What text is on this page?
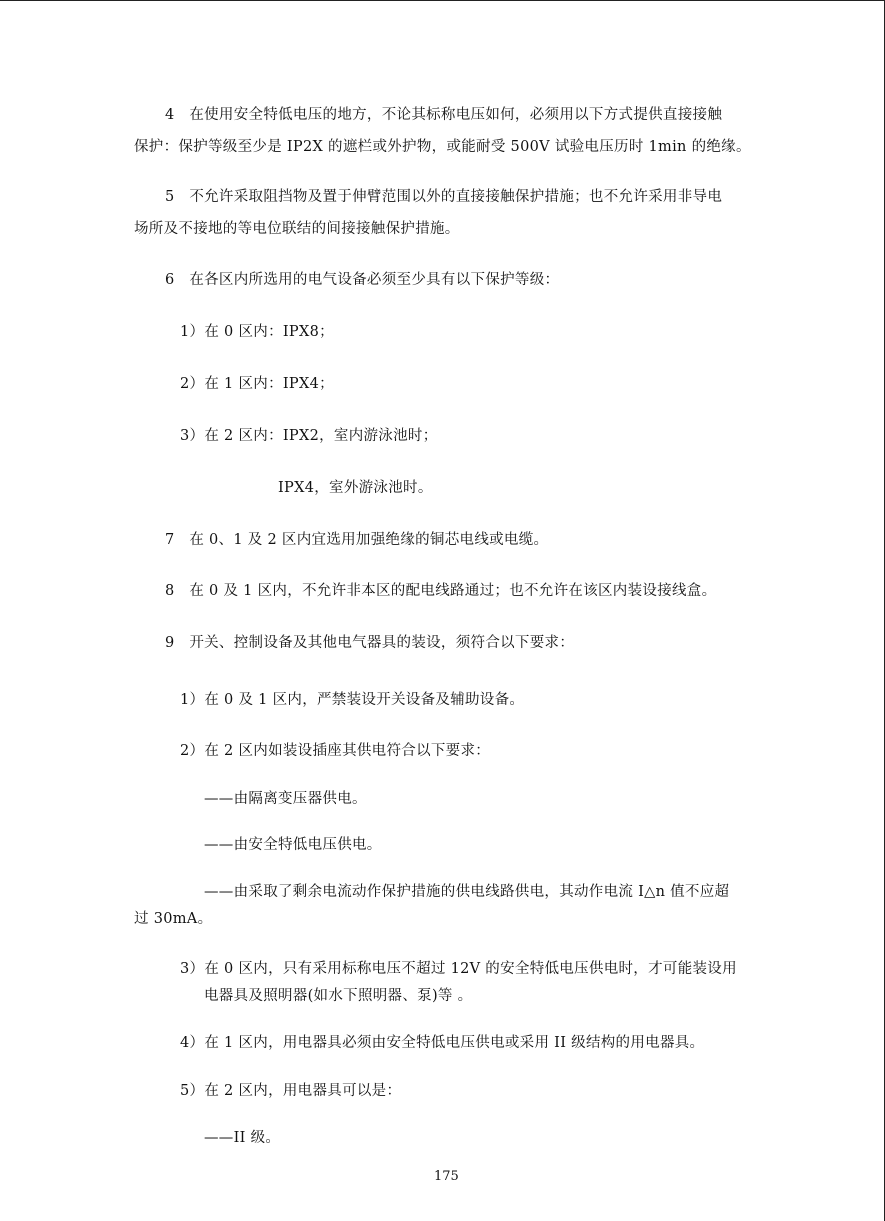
4　在使用安全特低电压的地方，不论其标称电压如何，必须用以下方式提供直接接触
保护：保护等级至少是 IP2X 的遮栏或外护物，或能耐受 500V 试验电压历时 1min 的绝缘。
5　不允许采取阻挡物及置于伸臂范围以外的直接接触保护措施；也不允许采用非导电
场所及不接地的等电位联结的间接接触保护措施。
6　在各区内所选用的电气设备必须至少具有以下保护等级：
1）在 0 区内：IPX8；
2）在 1 区内：IPX4；
3）在 2 区内：IPX2，室内游泳池时；
IPX4，室外游泳池时。
7　在 0、1 及 2 区内宜选用加强绝缘的铜芯电线或电缆。
8　在 0 及 1 区内，不允许非本区的配电线路通过；也不允许在该区内装设接线盒。
9　开关、控制设备及其他电气器具的装设，须符合以下要求：
1）在 0 及 1 区内，严禁装设开关设备及辅助设备。
2）在 2 区内如装设插座其供电符合以下要求：
——由隔离变压器供电。
——由安全特低电压供电。
——由采取了剩余电流动作保护措施的供电线路供电，其动作电流 I△n 值不应超
过 30mA。
3）在 0 区内，只有采用标称电压不超过 12V 的安全特低电压供电时，才可能装设用
电器具及照明器(如水下照明器、泵)等 。
4）在 1 区内，用电器具必须由安全特低电压供电或采用 II 级结构的用电器具。
5）在 2 区内，用电器具可以是：
——II 级。
175
